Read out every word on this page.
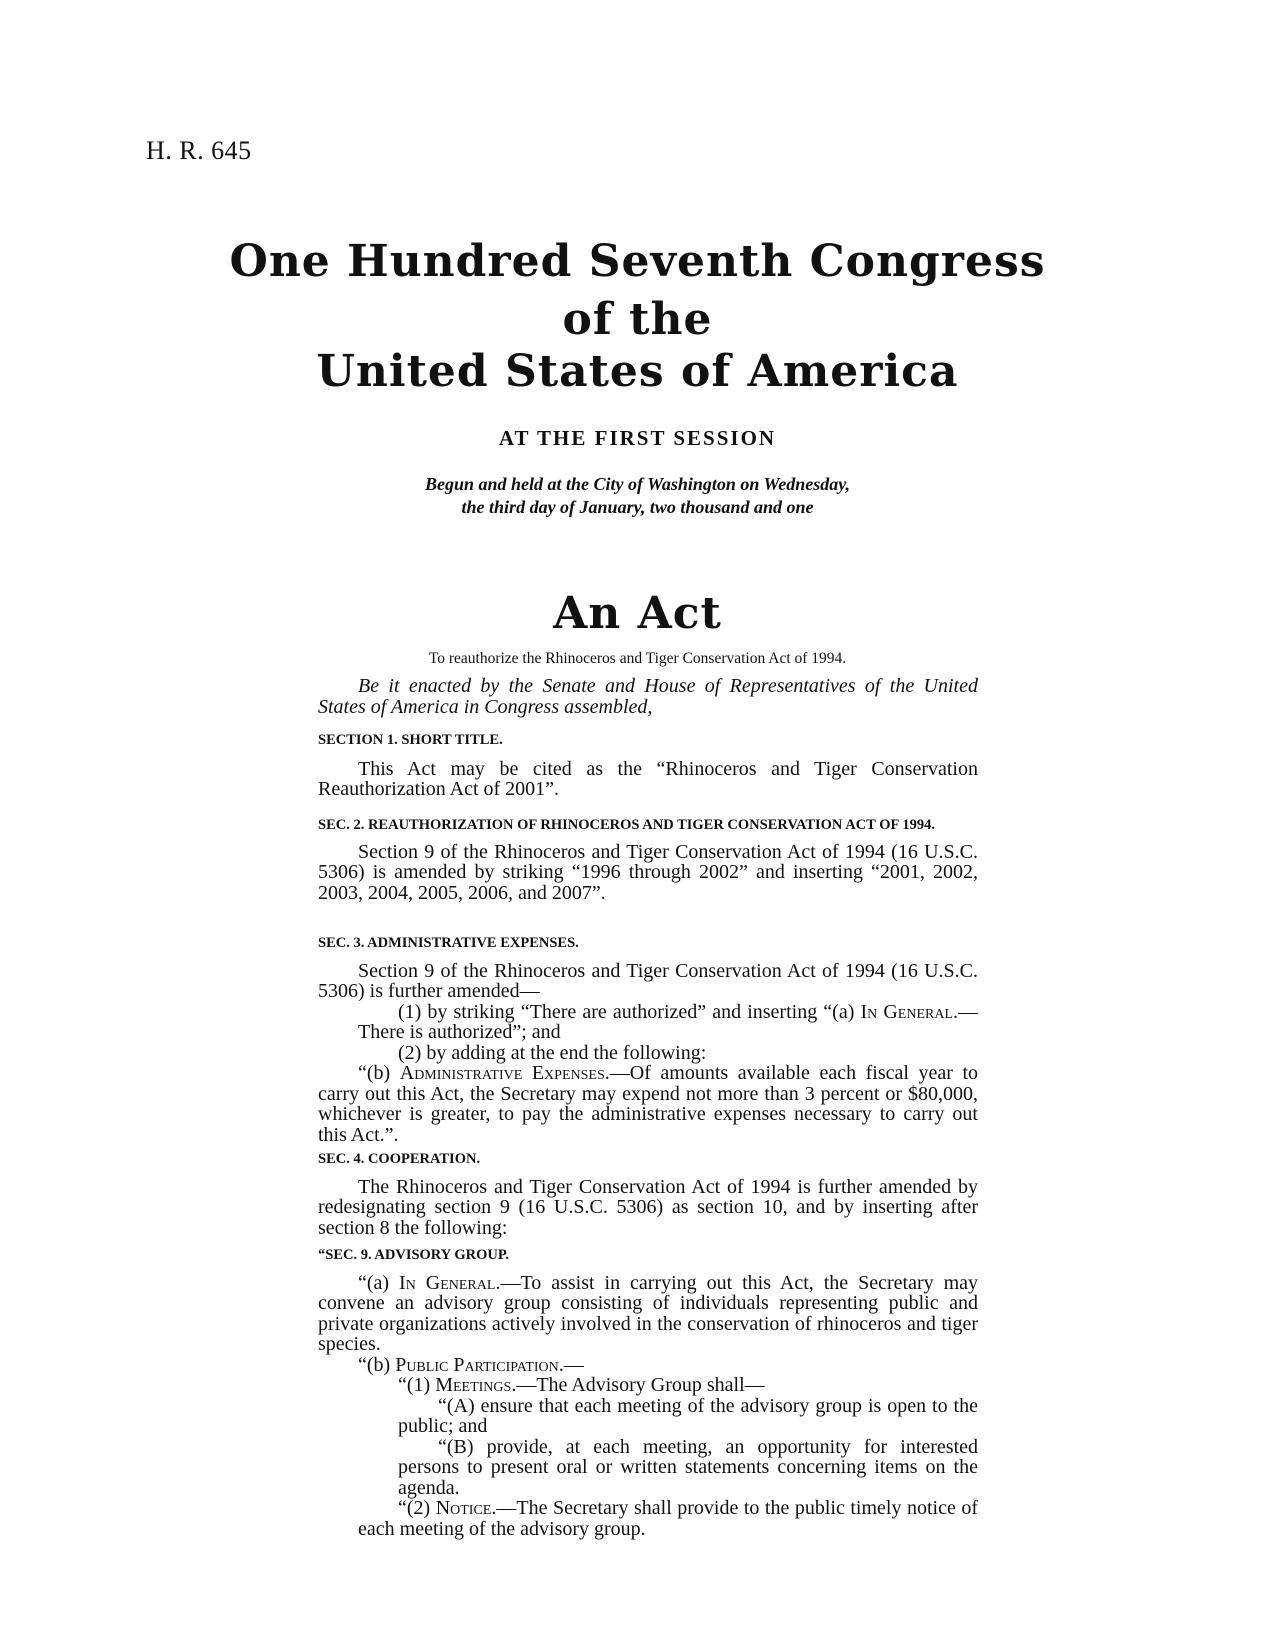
H. R. 645
One Hundred Seventh Congress
of the
United States of America
AT THE FIRST SESSION
Begun and held at the City of Washington on Wednesday,
the third day of January, two thousand and one
An Act
To reauthorize the Rhinoceros and Tiger Conservation Act of 1994.

Be it enacted by the Senate and House of Representatives of the United States of America in Congress assembled,

SECTION 1. SHORT TITLE.

This Act may be cited as the “Rhinoceros and Tiger Conservation Reauthorization Act of 2001”.

SEC. 2. REAUTHORIZATION OF RHINOCEROS AND TIGER CONSERVATION ACT OF 1994.

Section 9 of the Rhinoceros and Tiger Conservation Act of 1994 (16 U.S.C. 5306) is amended by striking “1996 through 2002” and inserting “2001, 2002, 2003, 2004, 2005, 2006, and 2007”.

SEC. 3. ADMINISTRATIVE EXPENSES.

Section 9 of the Rhinoceros and Tiger Conservation Act of 1994 (16 U.S.C. 5306) is further amended—

(1) by striking “There are authorized” and inserting “(a) In General.—There is authorized”; and

(2) by adding at the end the following:

“(b) Administrative Expenses.—Of amounts available each fiscal year to carry out this Act, the Secretary may expend not more than 3 percent or $80,000, whichever is greater, to pay the administrative expenses necessary to carry out this Act.”.

SEC. 4. COOPERATION.

The Rhinoceros and Tiger Conservation Act of 1994 is further amended by redesignating section 9 (16 U.S.C. 5306) as section 10, and by inserting after section 8 the following:

“SEC. 9. ADVISORY GROUP.

“(a) In General.—To assist in carrying out this Act, the Secretary may convene an advisory group consisting of individuals representing public and private organizations actively involved in the conservation of rhinoceros and tiger species.

“(b) Public Participation.—

“(1) Meetings.—The Advisory Group shall—

“(A) ensure that each meeting of the advisory group is open to the public; and

“(B) provide, at each meeting, an opportunity for interested persons to present oral or written statements concerning items on the agenda.

“(2) Notice.—The Secretary shall provide to the public timely notice of each meeting of the advisory group.
